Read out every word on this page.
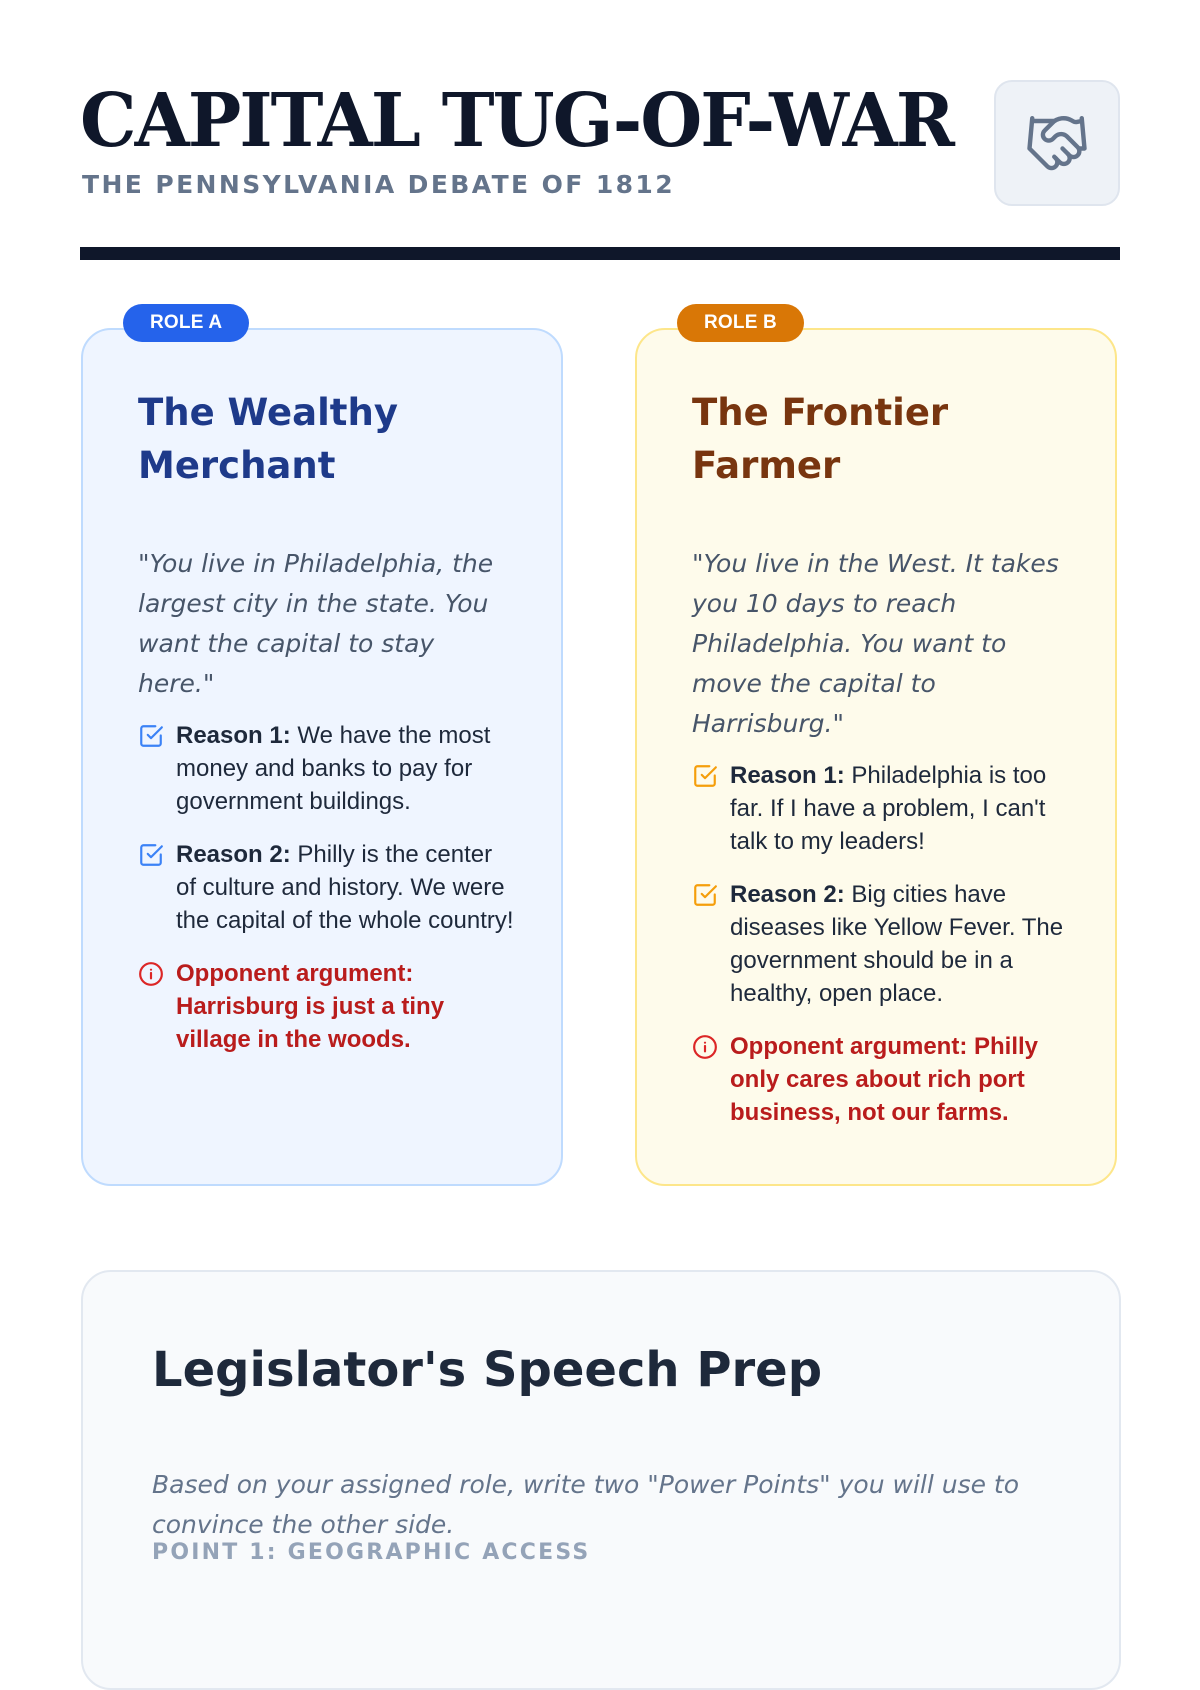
CAPITAL TUG-OF-WAR
THE PENNSYLVANIA DEBATE OF 1812
ROLE A
The Wealthy
Merchant

"You live in Philadelphia, the largest city in the state. You want the capital to stay here."

Reason 1: We have the most money and banks to pay for government buildings.
Reason 2: Philly is the center of culture and history. We were the capital of the whole country!
Opponent argument: Harrisburg is just a tiny village in the woods.
ROLE B
The Frontier
Farmer

"You live in the West. It takes you 10 days to reach Philadelphia. You want to move the capital to Harrisburg."

Reason 1: Philadelphia is too far. If I have a problem, I can't talk to my leaders!
Reason 2: Big cities have diseases like Yellow Fever. The government should be in a healthy, open place.
Opponent argument: Philly only cares about rich port business, not our farms.
Legislator's Speech Prep

Based on your assigned role, write two "Power Points" you will use to convince the other side.

POINT 1: GEOGRAPHIC ACCESS
